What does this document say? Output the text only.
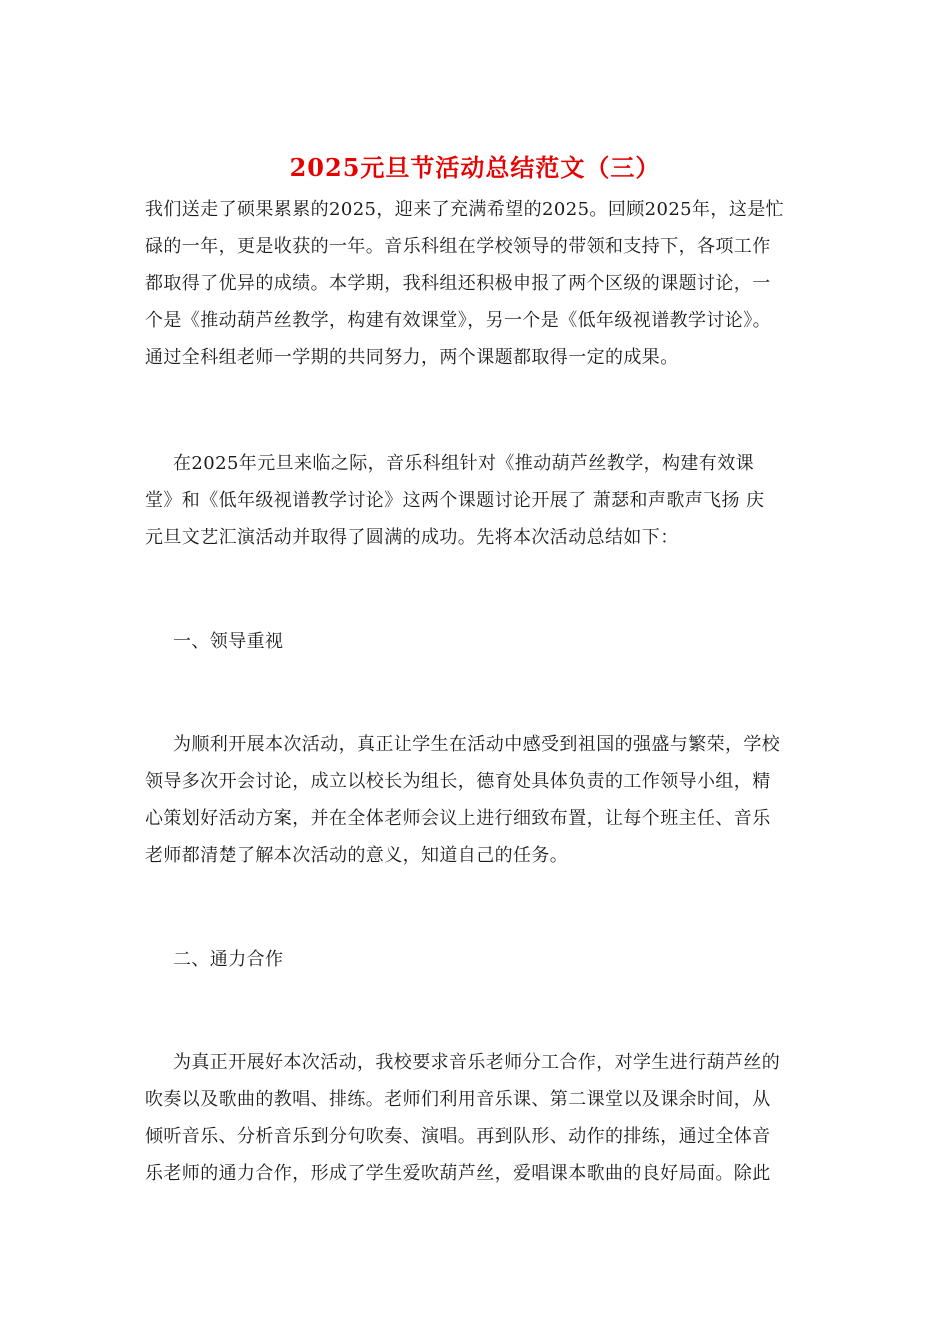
2025元旦节活动总结范文（三）
我们送走了硕果累累的2025，迎来了充满希望的2025。回顾2025年，这是忙
碌的一年，更是收获的一年。音乐科组在学校领导的带领和支持下，各项工作
都取得了优异的成绩。本学期，我科组还积极申报了两个区级的课题讨论，一
个是《推动葫芦丝教学，构建有效课堂》，另一个是《低年级视谱教学讨论》。
通过全科组老师一学期的共同努力，两个课题都取得一定的成果。
在2025年元旦来临之际，音乐科组针对《推动葫芦丝教学，构建有效课
堂》和《低年级视谱教学讨论》这两个课题讨论开展了 萧瑟和声歌声飞扬 庆
元旦文艺汇演活动并取得了圆满的成功。先将本次活动总结如下：
一、领导重视
为顺利开展本次活动，真正让学生在活动中感受到祖国的强盛与繁荣，学校
领导多次开会讨论，成立以校长为组长，德育处具体负责的工作领导小组，精
心策划好活动方案，并在全体老师会议上进行细致布置，让每个班主任、音乐
老师都清楚了解本次活动的意义，知道自己的任务。
二、通力合作
为真正开展好本次活动，我校要求音乐老师分工合作，对学生进行葫芦丝的
吹奏以及歌曲的教唱、排练。老师们利用音乐课、第二课堂以及课余时间，从
倾听音乐、分析音乐到分句吹奏、演唱。再到队形、动作的排练，通过全体音
乐老师的通力合作，形成了学生爱吹葫芦丝，爱唱课本歌曲的良好局面。除此
